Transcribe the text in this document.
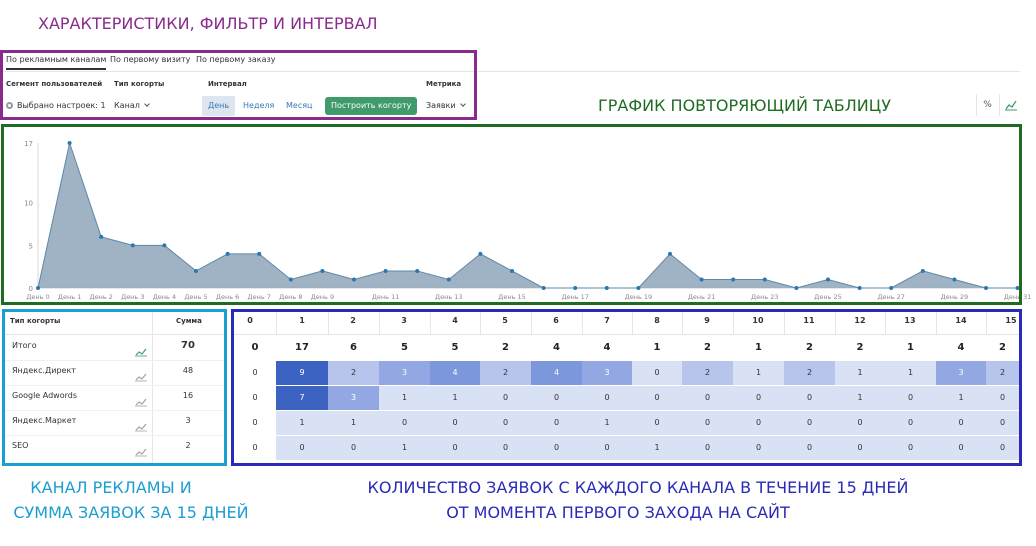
ХАРАКТЕРИСТИКИ, ФИЛЬТР И ИНТЕРВАЛ
ГРАФИК ПОВТОРЯЮЩИЙ ТАБЛИЦУ
КАНАЛ РЕКЛАМЫ И
СУММА ЗАЯВОК ЗА 15 ДНЕЙ
КОЛИЧЕСТВО ЗАЯВОК С КАЖДОГО КАНАЛА В ТЕЧЕНИЕ 15 ДНЕЙ
ОТ МОМЕНТА ПЕРВОГО ЗАХОДА НА САЙТ
По рекламным каналам По первому визиту По первому заказу
Сегмент пользователей
Выбрано настроек: 1
Тип когорты
Канал
Интервал
День	Неделя	Месяц	Построить когорту
Метрика
Заявки	%
17
10
5
0
День 0 День 1 День 2 День 3 День 4 День 5 День 6 День 7 День 8 День 9	День 11	День 13	День 15	День 17	День 19	День 21	День 23	День 25	День 27	День 29	День 31
Тип когорты	Сумма
Итого	70
Яндекс.Директ	48
Google Adwords	16
Яндекс.Маркет	3
SEO	2
0	1	2	3	4	5	6	7	8	9	10	11	12	13	14	15
0	17	6	5	5	2	4	4	1	2	1	2	2	1	4	2
0	9	2	3	4	2	4	3	0	2	1	2	1	1	3	2
0	7	3	1	1	0	0	0	0	0	0	0	1	0	1	0
0	1	1	0	0	0	0	1	0	0	0	0	0	0	0	0
0	0	0	1	0	0	0	0	1	0	0	0	0	0	0	0
